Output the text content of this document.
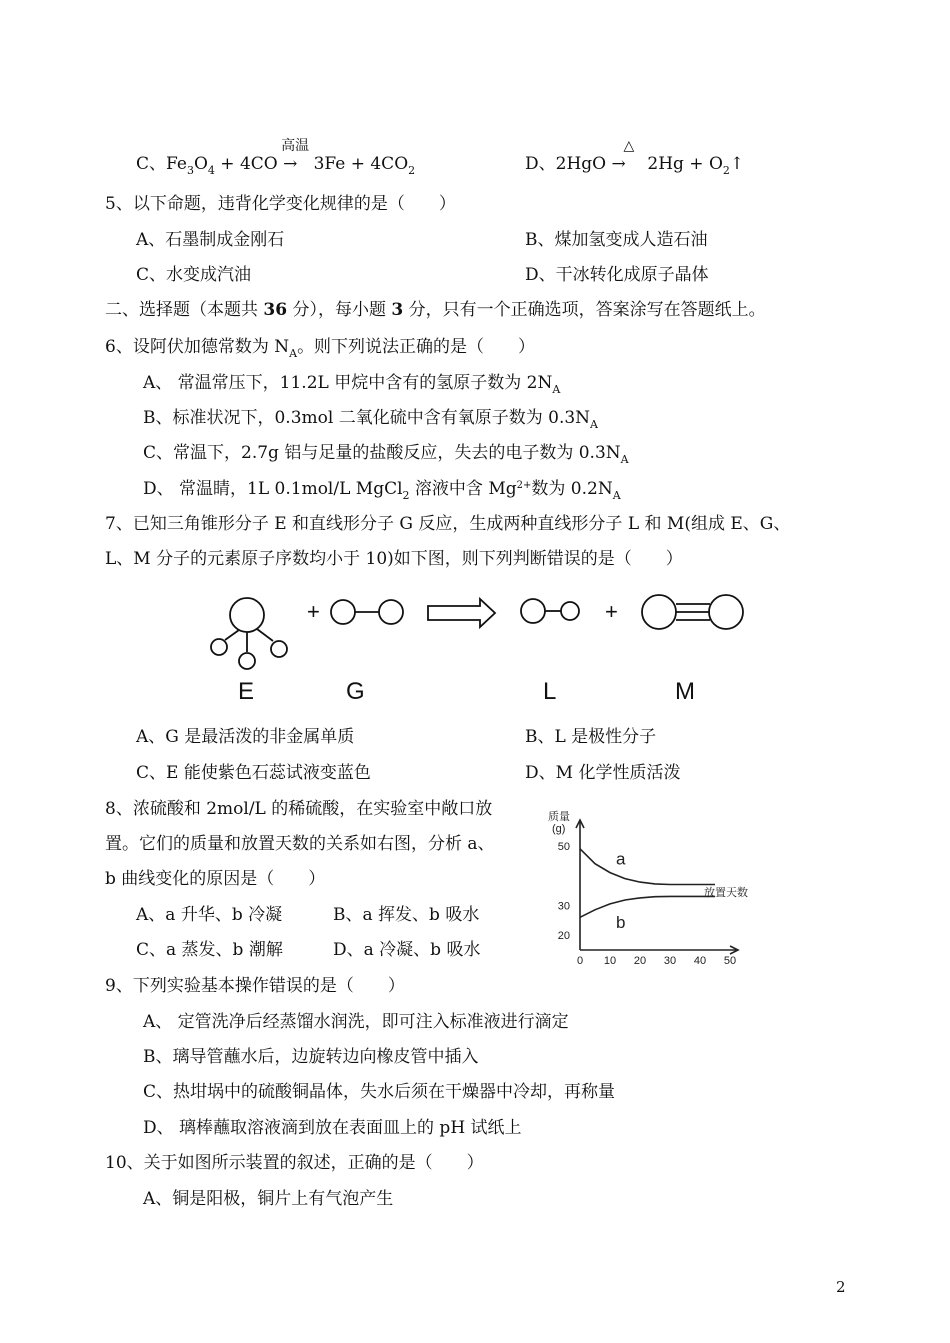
C、$Fe_3O_4 + 4CO$
高温
→   $3Fe + 4CO_2$	D、2HgO
△
→    $2Hg + O_2↑$
5、以下命题，违背化学变化规律的是（　　）
A、石墨制成金刚石	B、煤加氢变成人造石油
C、水变成汽油	D、干冰转化成原子晶体
二、选择题（本题共 36 分），每小题 3 分，只有一个正确选项，答案涂写在答题纸上。
6、设阿伏加德常数为 $N_A$。则下列说法正确的是（　　）
A、 常温常压下，11.2L 甲烷中含有的氢原子数为 $2N_A$
B、标准状况下，0.3mol 二氧化硫中含有氧原子数为 $0.3N_A$
C、常温下，2.7g 铝与足量的盐酸反应，失去的电子数为 $0.3N_A$
D、 常温睛，1L 0.1mol/L MgCl$_2$ 溶液中含 $Mg^{2+}$数为 $0.2N_A$
7、已知三角锥形分子 E 和直线形分子 G 反应，生成两种直线形分子 L 和 M(组成 E、G、
L、M 分子的元素原子序数均小于 10)如下图，则下列判断错误的是（　　）
+	+
E	G	L	M
A、G 是最活泼的非金属单质	B、L 是极性分子
C、E 能使紫色石蕊试液变蓝色	D、M 化学性质活泼
8、浓硫酸和 2mol/L 的稀硫酸，在实验室中敞口放
置。它们的质量和放置天数的关系如右图，分析 a、
b 曲线变化的原因是（　　）
A、a 升华、b 冷凝	B、a 挥发、b 吸水
C、a 蒸发、b 潮解	D、a 冷凝、b 吸水
质量
(g)
放置天数
0 10 20 30 40 50
50
30
20
a
b
9、下列实验基本操作错误的是（　　）
A、 定管洗净后经蒸馏水润洗，即可注入标准液进行滴定
B、璃导管蘸水后，边旋转边向橡皮管中插入
C、热坩埚中的硫酸铜晶体，失水后须在干燥器中冷却，再称量
D、 璃棒蘸取溶液滴到放在表面皿上的 pH 试纸上
10、关于如图所示装置的叙述，正确的是（　　）
A、铜是阳极，铜片上有气泡产生
2
